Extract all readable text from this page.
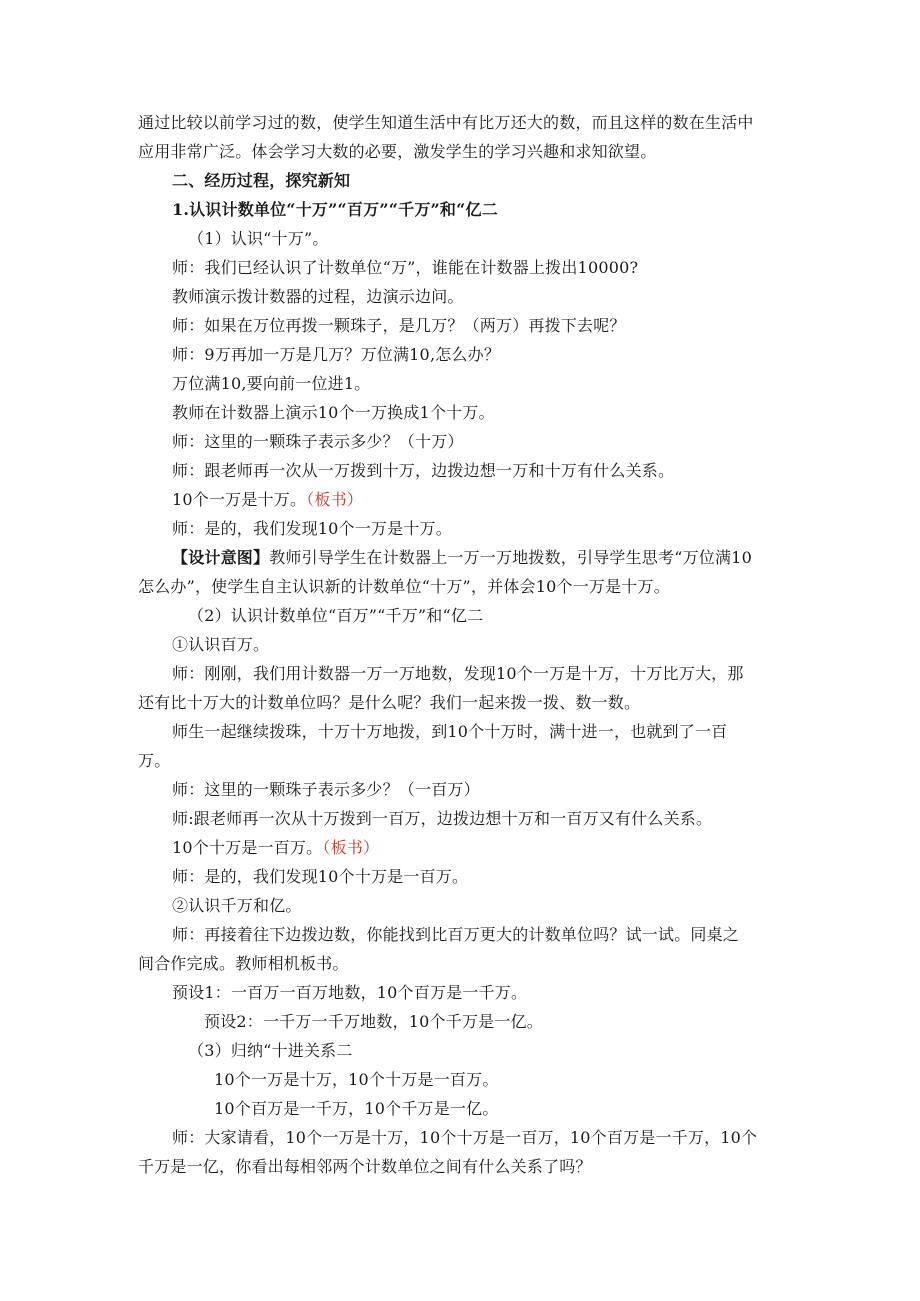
通过比较以前学习过的数，使学生知道生活中有比万还大的数，而且这样的数在生活中
应用非常广泛。体会学习大数的必要，激发学生的学习兴趣和求知欲望。
二、经历过程，探究新知
1.认识计数单位“十万”“百万”“千万”和“亿二
（1）认识“十万”。
师：我们已经认识了计数单位“万”，谁能在计数器上拨出10000?
教师演示拨计数器的过程，边演示边问。
师：如果在万位再拨一颗珠子，是几万？（两万）再拨下去呢？
师：9万再加一万是几万？万位满10,怎么办？
万位满10,要向前一位进1。
教师在计数器上演示10个一万换成1个十万。
师：这里的一颗珠子表示多少？（十万）
师：跟老师再一次从一万拨到十万，边拨边想一万和十万有什么关系。
10个一万是十万。（板书）
师：是的，我们发现10个一万是十万。
【设计意图】教师引导学生在计数器上一万一万地拨数，引导学生思考“万位满10
怎么办”，使学生自主认识新的计数单位“十万”，并体会10个一万是十万。
（2）认识计数单位“百万”“千万”和“亿二
①认识百万。
师：刚刚，我们用计数器一万一万地数，发现10个一万是十万，十万比万大，那
还有比十万大的计数单位吗？是什么呢？我们一起来拨一拨、数一数。
师生一起继续拨珠，十万十万地拨，到10个十万时，满十进一，也就到了一百
万。
师：这里的一颗珠子表示多少？（一百万）
师:跟老师再一次从十万拨到一百万，边拨边想十万和一百万又有什么关系。
10个十万是一百万。（板书）
师：是的，我们发现10个十万是一百万。
②认识千万和亿。
师：再接着往下边拨边数，你能找到比百万更大的计数单位吗？试一试。同桌之
间合作完成。教师相机板书。
预设1：一百万一百万地数，10个百万是一千万。
预设2：一千万一千万地数，10个千万是一亿。
（3）归纳“十进关系二
10个一万是十万，10个十万是一百万。
10个百万是一千万，10个千万是一亿。
师：大家请看，10个一万是十万，10个十万是一百万，10个百万是一千万，10个
千万是一亿，你看出每相邻两个计数单位之间有什么关系了吗？
